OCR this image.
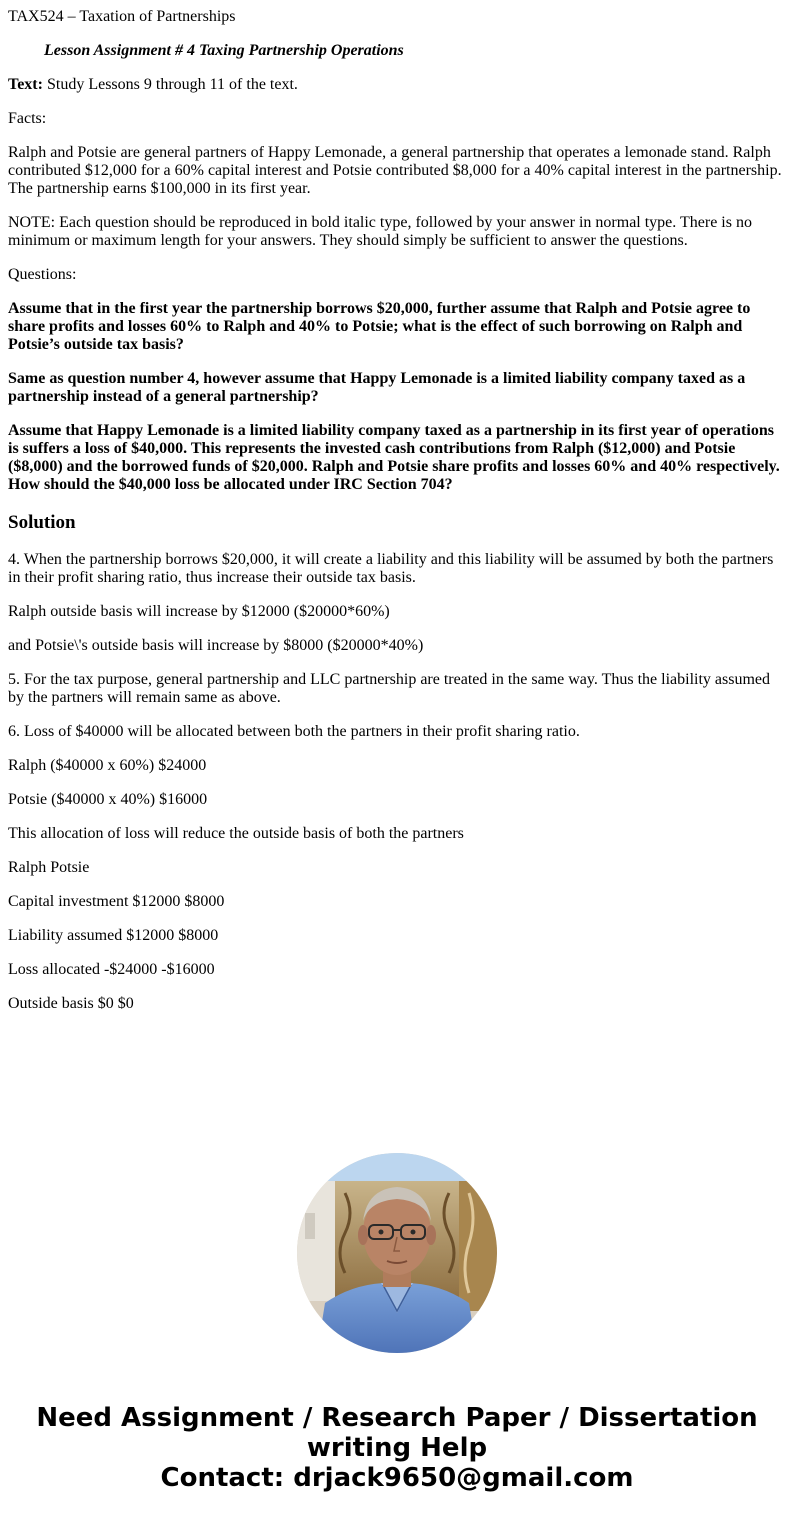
TAX524 – Taxation of Partnerships

Lesson Assignment # 4 Taxing Partnership Operations

Text: Study Lessons 9 through 11 of the text.

Facts:

Ralph and Potsie are general partners of Happy Lemonade, a general partnership that operates a lemonade stand. Ralph contributed $12,000 for a 60% capital interest and Potsie contributed $8,000 for a 40% capital interest in the partnership. The partnership earns $100,000 in its first year.

NOTE: Each question should be reproduced in bold italic type, followed by your answer in normal type. There is no minimum or maximum length for your answers. They should simply be sufficient to answer the questions.

Questions:

Assume that in the first year the partnership borrows $20,000, further assume that Ralph and Potsie agree to share profits and losses 60% to Ralph and 40% to Potsie; what is the effect of such borrowing on Ralph and Potsie’s outside tax basis?

Same as question number 4, however assume that Happy Lemonade is a limited liability company taxed as a partnership instead of a general partnership?

Assume that Happy Lemonade is a limited liability company taxed as a partnership in its first year of operations is suffers a loss of $40,000. This represents the invested cash contributions from Ralph ($12,000) and Potsie ($8,000) and the borrowed funds of $20,000. Ralph and Potsie share profits and losses 60% and 40% respectively. How should the $40,000 loss be allocated under IRC Section 704?

Solution

4. When the partnership borrows $20,000, it will create a liability and this liability will be assumed by both the partners in their profit sharing ratio, thus increase their outside tax basis.

Ralph outside basis will increase by $12000 ($20000*60%)

and Potsie\'s outside basis will increase by $8000 ($20000*40%)

5. For the tax purpose, general partnership and LLC partnership are treated in the same way. Thus the liability assumed by the partners will remain same as above.

6. Loss of $40000 will be allocated between both the partners in their profit sharing ratio.

Ralph ($40000 x 60%) $24000

Potsie ($40000 x 40%) $16000

This allocation of loss will reduce the outside basis of both the partners

Ralph Potsie

Capital investment $12000 $8000

Liability assumed $12000 $8000

Loss allocated -$24000 -$16000

Outside basis $0 $0

Need Assignment / Research Paper / Dissertation
writing Help
Contact: drjack9650@gmail.com
